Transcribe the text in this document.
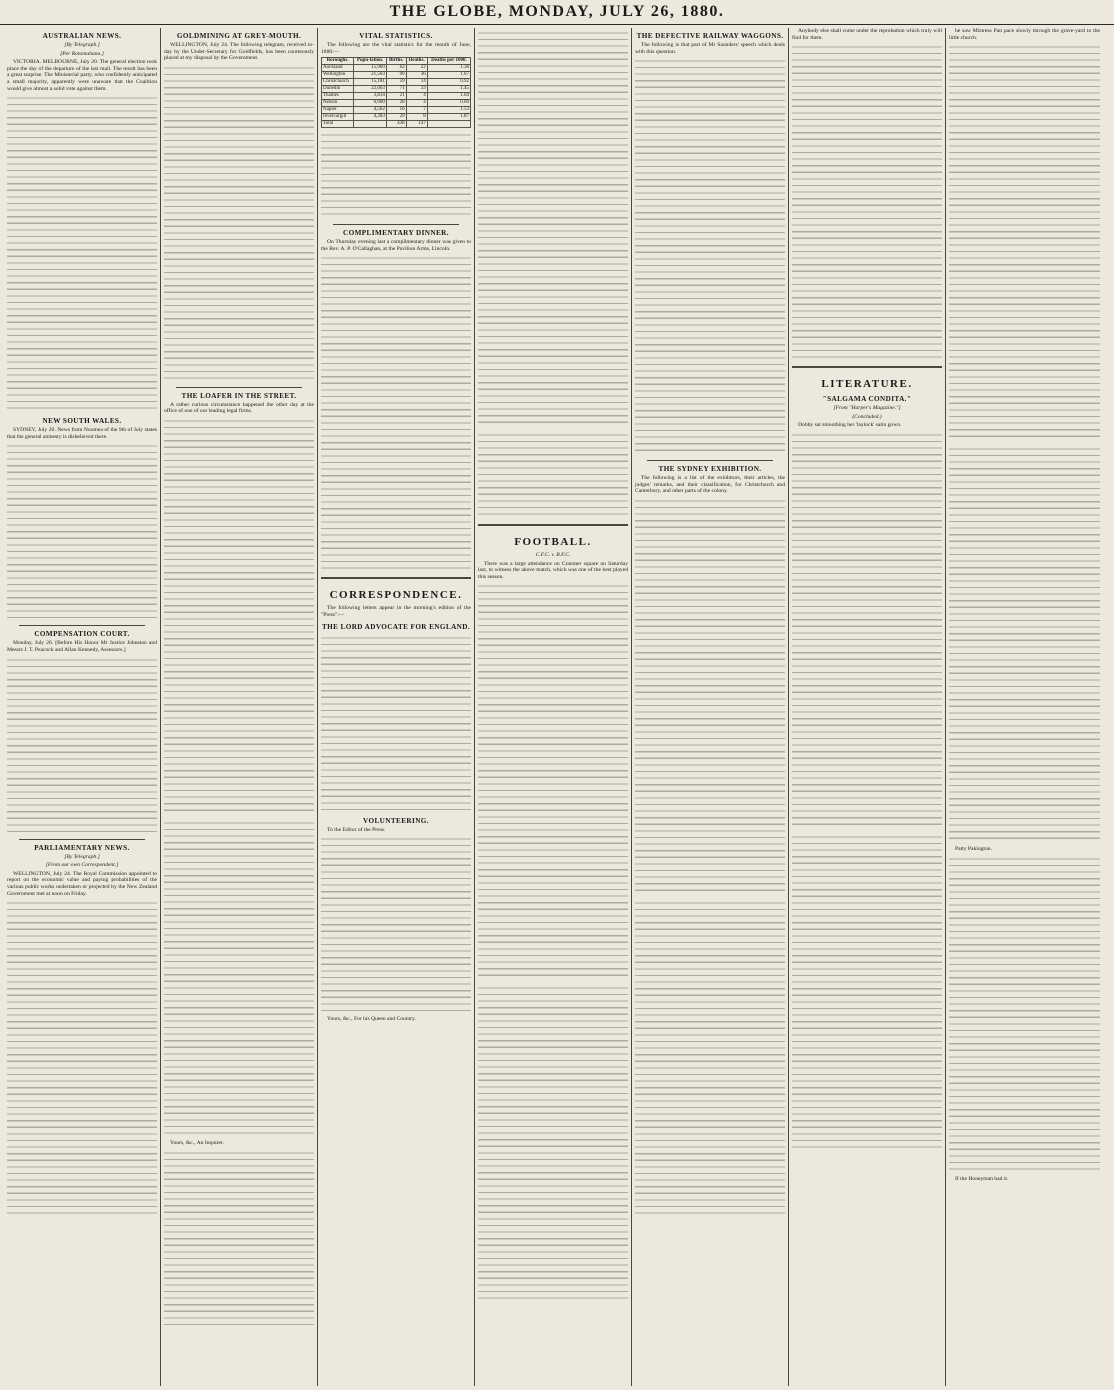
THE GLOBE, MONDAY, JULY 26, 1880.
AUSTRALIAN NEWS.
[By Telegraph.]
[Per Rotomahana.]

VICTORIA. MELBOURNE, July 20. The general election took place the day of the departure of the last mail. The result has been a great surprise. The Ministerial party, who confidently anticipated a small majority, apparently were unaware that the Coalition would give almost a solid vote against them.

NEW SOUTH WALES.

SYDNEY, July 20. News from Noumea of the 9th of July states that the general amnesty is disbelieved there.

COMPENSATION COURT.

Monday, July 26. [Before His Honor Mr Justice Johnston and Messrs J. T. Peacock and Allan Kennedy, Assessors.]

PARLIAMENTARY NEWS.
[By Telegraph.]
[From our own Correspondent.]

WELLINGTON, July 24. The Royal Commission appointed to report on the economic value and paying probabilities of the various public works undertaken or projected by the New Zealand Government met at noon on Friday.

GOLDMINING AT GREY-MOUTH.

WELLINGTON, July 24. The following telegram, received to-day by the Under-Secretary for Goldfields, has been courteously placed at my disposal by the Government.

THE LOAFER IN THE STREET.

A rather curious circumstance happened the other day at the office of one of our leading legal firms.

Yours, &c., An Inquirer.

VITAL STATISTICS.

The following are the vital statistics for the month of June, 1880:—

Boroughs.	Popu-lation.	Births.	Deaths.	Deaths per 1000.
Auckland	15,900	62	22	1.38
Wellington	21,503	90	36	1.67
Christchurch	15,181	59	14	0.92
Dunedin	22,663	71	33	1.45
Thames	3,814	21	4	1.04
Nelson	6,600	28	4	0.60
Napier	4,562	16	7	1.53
Invercargill	4,283	29	8	1.87
Total		438	147	
COMPLIMENTARY DINNER.

On Thursday evening last a complimentary dinner was given to the Rev. A. P. O'Callaghan, at the Pavilion Arms, Lincoln.

CORRESPONDENCE.

The following letters appear in the morning's edition of the "Press":—

THE LORD ADVOCATE FOR ENGLAND.
VOLUNTEERING.

To the Editor of the Press.

Yours, &c., For his Queen and Country.

FOOTBALL.
C.F.C. v. B.F.C.

There was a large attendance on Cranmer square on Saturday last, to witness the above match, which was one of the best played this season.

THE DEFECTIVE RAILWAY WAGGONS.

The following is that part of Mr Saunders' speech which deals with this question.

THE SYDNEY EXHIBITION.

The following is a list of the exhibitors, their articles, the judges' remarks, and their classification, for Christchurch and Canterbury, and other parts of the colony.

Anybody else shall come under the reprobation which truly will find for them.

LITERATURE.
"SALGAMA CONDITA."
[From "Harper's Magazine."]
(Concluded.)

Dobby sat smoothing her 'laylock' satin gown.

he saw Mistress Pan pace slowly through the grave-yard to the little church.

Patty Pakington.

If the Honeyman had it.
